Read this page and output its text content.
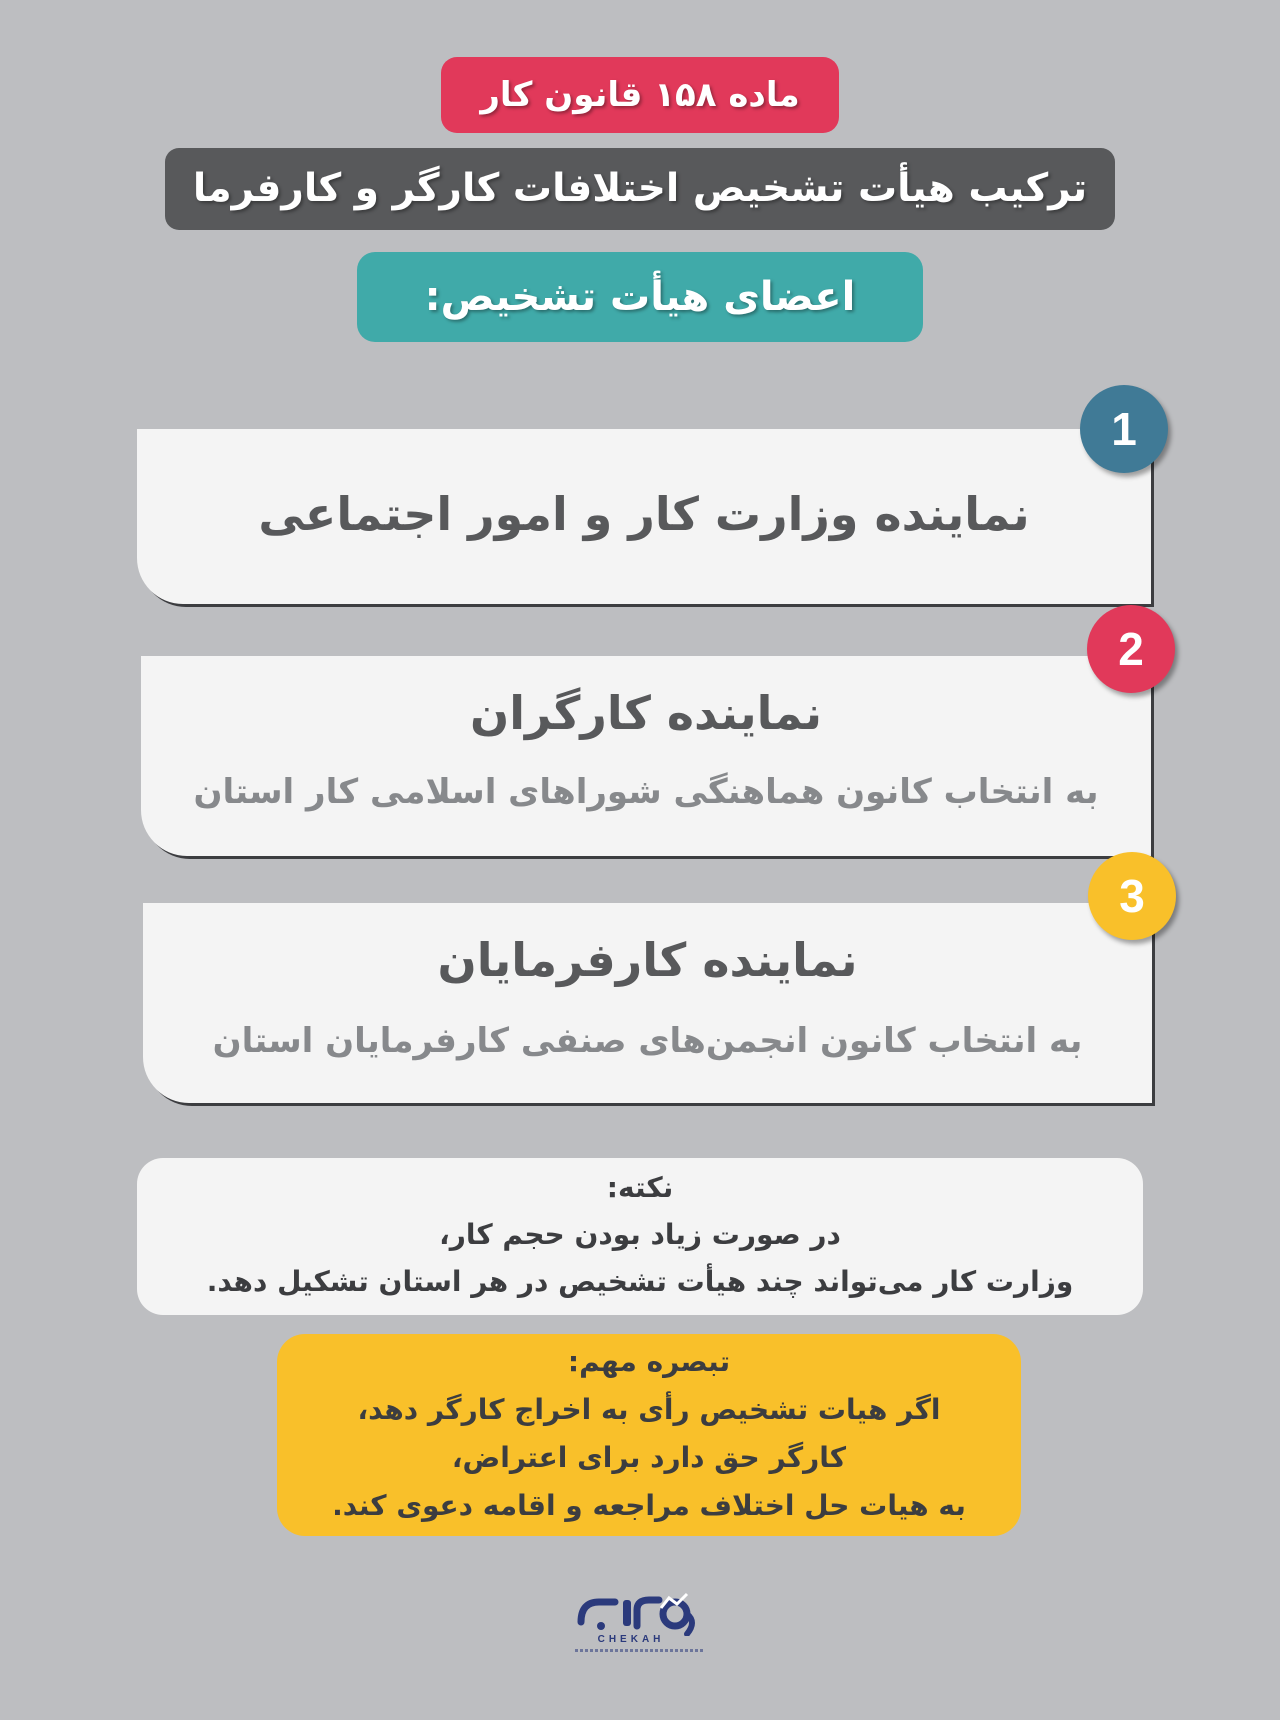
ماده ۱۵۸ قانون کار
ترکیب هیأت تشخیص اختلافات کارگر و کارفرما
اعضای هیأت تشخیص:
نماینده وزارت کار و امور اجتماعی
1
نماینده کارگران
به انتخاب کانون هماهنگی شوراهای اسلامی کار استان
2
نماینده کارفرمایان
به انتخاب کانون انجمن‌های صنفی کارفرمایان استان
3
نکته:
در صورت زیاد بودن حجم کار،
وزارت کار می‌تواند چند هیأت تشخیص در هر استان تشکیل دهد.
تبصره مهم:
اگر هیات تشخیص رأی به اخراج کارگر دهد،
کارگر حق دارد برای اعتراض،
به هیات حل اختلاف مراجعه و اقامه دعوی کند.
CHEKAH
